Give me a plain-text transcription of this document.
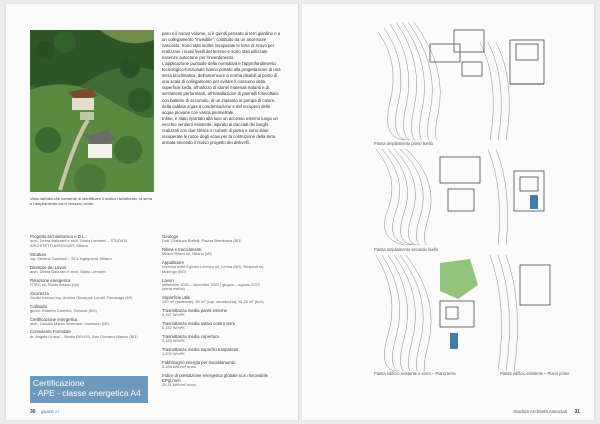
Vista dall'alto che consente di identificare il rustico ristrutturato, la serra e l'ampliamento con il terrazzo verde.

paro e il nuovo volume, si è quindi pensato ai terri giardino e a un collegamento "invisibile", costituito da un ascensore nascosto. Sono stati inoltre recuperate le terre di scavo per realizzare i nuovi livelli del terreno e sono stati utilizzate essenze autoctone per l'inverdimento.

L'applicazione puntuale della normativa e l'approfondimento tecnologico-funzionale hanno portato alla progettazione di una serra bioclimatica, dell'ascensore a norma disabili al posto di una scala di collegamento per evitare il consumo della superficie lorda, all'utilizzo di idonei materiali isolanti e di serramenti performanti, all'installazione di pannelli fotovoltaici con batterie di accumulo, di un impianto in pompa di calore, della caldaia a gas a condensazione e del recupero delle acque piovane con vasca perimetrale.

Infine, è stato riportato alla luce un accesso esterno lungo un vecchio sentiero esistente, ispirato ai tracciati dei borghi realizzati con due strisce in cubetti di pietra e sono state recuperate le rocce degli scavi per la costruzione della terra armata secondo il nuovo progetto dei dislivelli.

Progetto architettonico e D.L.:
arch. Debra Baluzani e arch. Mario Lemorini – STUDIO3
ARCHITETTI ASSOCIATI, Milano
Strutture
ing. Stefano Caloisari – SCL ingegneria, Milano
Direttore dei Lavori
arch. Debra Baluzani e arch. Mario Lemorini
Relazione energetica
GTEC srl, Busto Arsizio (VA)
Sicurezza
Studio tecnico ing. Andrea Giuseppe Lonati, Paesbago (MI)
Collaudo
geom. Roberto Carenini, Sorisole (BG)
Certificazione energetica
arch. Claudio Marco Invernizzi, Inverumo (MI)
Consulente Forestale
dr. Angelo Grassi – Studio DRYOS, San Giovanni Bianco (BG)
Geologo
Dott. Gianluca Boffelli, Piazza Brembana (BG)
Rilievi e tracciamenti
Milano Rilievi srl, Milano (MI)
Appaltatore
Impresa edile Egman Lorenzo srl, Lenna (BG), Respedi srl,
Moiengo (BG)
Lavori
settembre 2021 – dicembre 2022 | giugno – agosto 2023
(serra estiva)
Superficie utile
150 m² (esistente), 80 m² (sup. accessoria), 61,25 m² (box)
Trasmittanza media pareti esterne
0,157 W/m²K
Trasmittanza media solaio contro terra
0,152 W/m²K
Trasmittanza media copertura
0,183 W/m²K
Trasmittanza media superfici trasparenti
1,200 W/m²K
Fabbisogno energia per riscaldamento
5,189 kWh/m² anno
Indice di prestazione energetica globale non rinnovabile EPgl,nren
29,31 kWh/m² anno
Certificazione
- APE - classe energetica A4
30 guaro 27
Pianta ampliamento primo livello
Pianta ampliamento secondo livello
Pianta edificio esistente e serra – Piano terra	Pianta edificio esistente – Piano primo
Studio3 Architetti Associati 31
